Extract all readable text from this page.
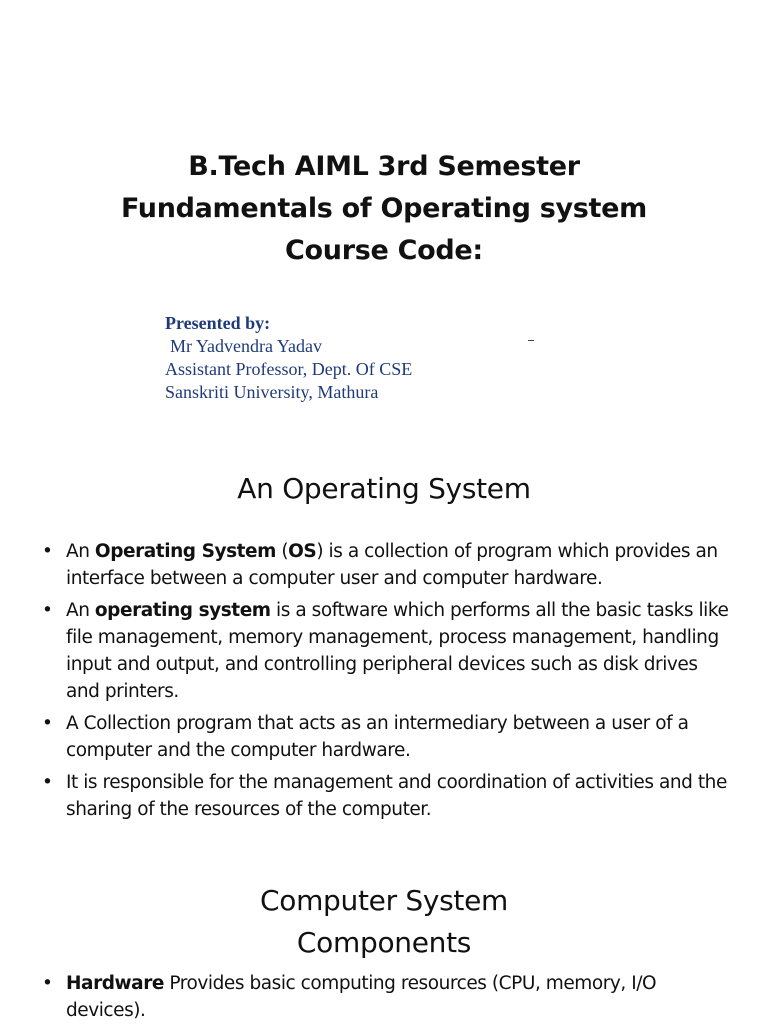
B.Tech AIML 3rd Semester
Fundamentals of Operating system
Course Code:
Presented by:
Mr Yadvendra Yadav
Assistant Professor, Dept. Of CSE
Sanskriti University, Mathura
An Operating System
• An Operating System (OS) is a collection of program which provides an interface between a computer user and computer hardware.
• An operating system is a software which performs all the basic tasks like file management, memory management, process management, handling input and output, and controlling peripheral devices such as disk drives and printers.
• A Collection program that acts as an intermediary between a user of a computer and the computer hardware.
• It is responsible for the management and coordination of activities and the sharing of the resources of the computer.
Computer System
Components
• Hardware Provides basic computing resources (CPU, memory, I/O devices).
